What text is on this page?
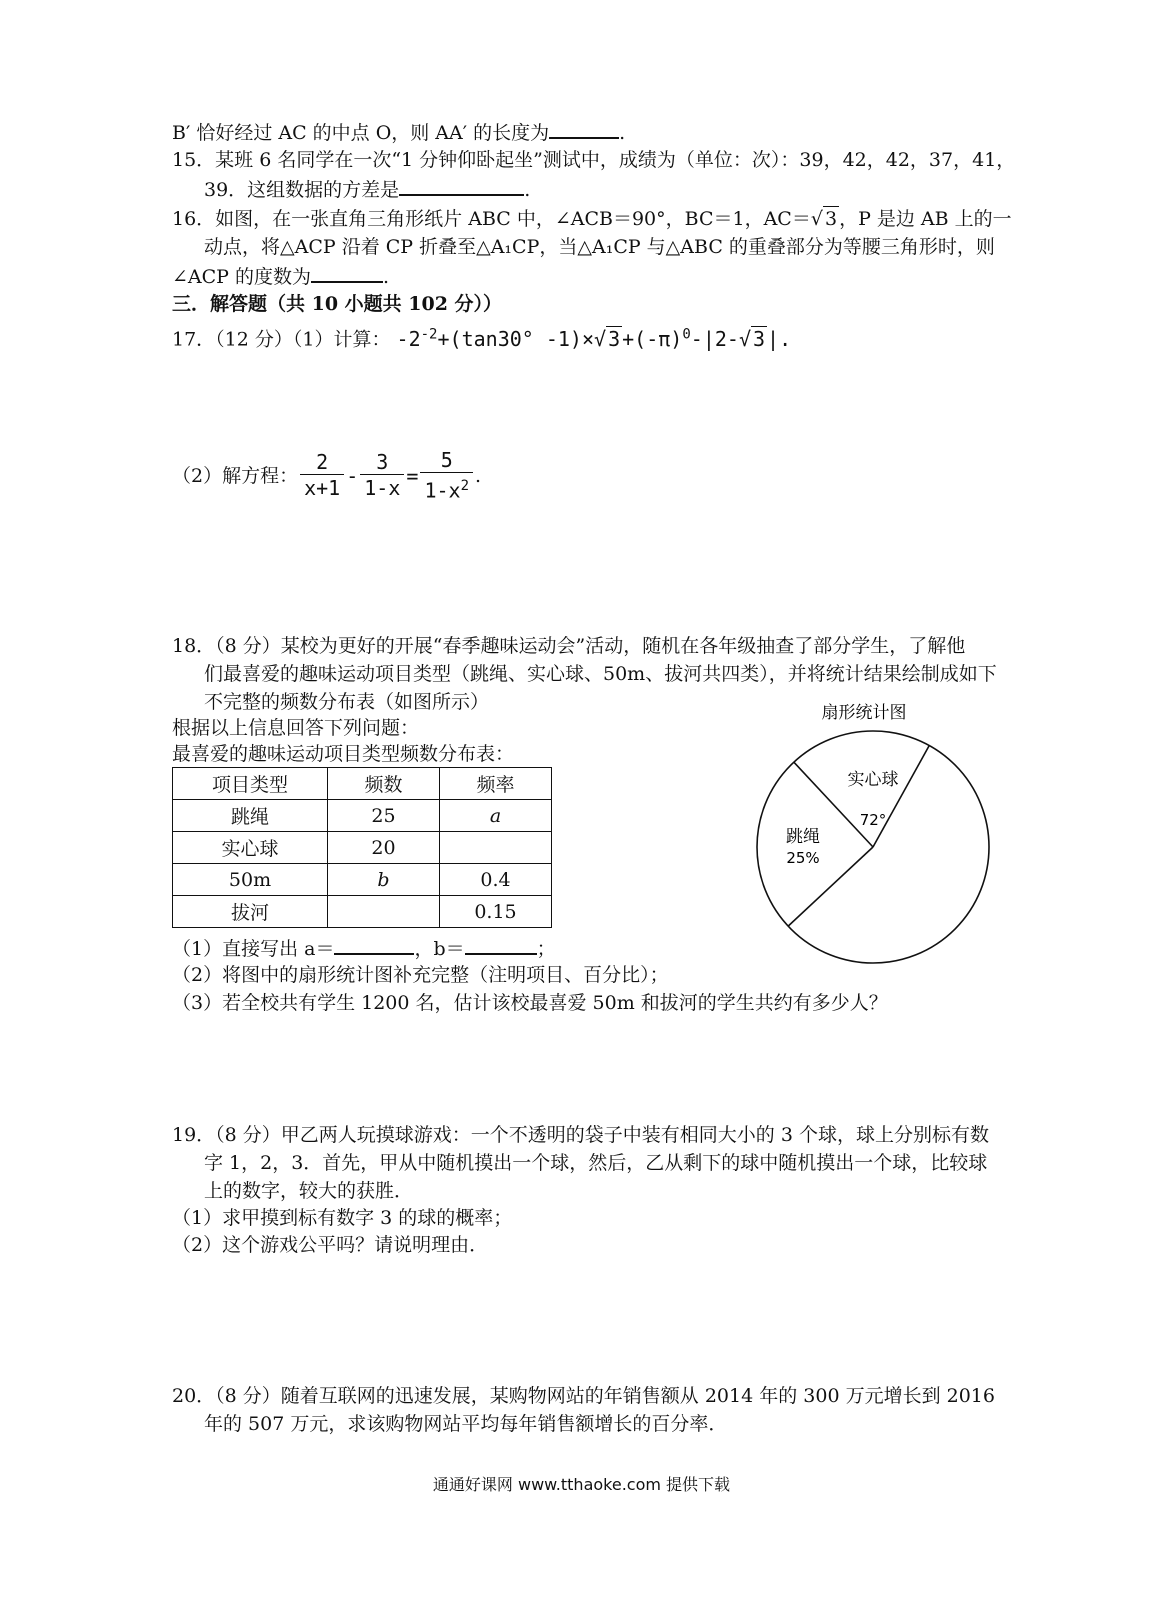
B′ 恰好经过 AC 的中点 O，则 AA′ 的长度为	.
15．某班 6 名同学在一次“1 分钟仰卧起坐”测试中，成绩为（单位：次）：39，42，42，37，41，
39．这组数据的方差是	.
16．如图，在一张直角三角形纸片 ABC 中，∠ACB＝90°，BC＝1，AC＝√ 3 ，P 是边 AB 上的一
动点，将△ACP 沿着 CP 折叠至△A₁CP，当△A₁CP 与△ABC 的重叠部分为等腰三角形时，则
∠ACP 的度数为	.
三．解答题（共 10 小题共 102 分））
17．（12 分）（1）计算： $-2^{-2}+(\tan 30^\circ$ -1)×√ $3 +(-\pi)^0-|2-√$ 3 |.
（2）解方程： $\frac{2}{x+1} - \frac{3}{1-x} = \frac{5}{1-x^2}$ .
18．（8 分）某校为更好的开展“春季趣味运动会”活动，随机在各年级抽查了部分学生，了解他
们最喜爱的趣味运动项目类型（跳绳、实心球、50m、拔河共四类），并将统计结果绘制成如下
不完整的频数分布表（如图所示）
根据以上信息回答下列问题：
最喜爱的趣味运动项目类型频数分布表：
项目类型	频数	频率
跳绳	25	a
实心球	20	
50m	b	0.4
拔河		0.15
扇形统计图
实心球
72°
跳绳
25%
（1）直接写出 a＝	，b＝	；
（2）将图中的扇形统计图补充完整（注明项目、百分比）；
（3）若全校共有学生 1200 名，估计该校最喜爱 50m 和拔河的学生共约有多少人？
19．（8 分）甲乙两人玩摸球游戏：一个不透明的袋子中装有相同大小的 3 个球，球上分别标有数
字 1，2，3．首先，甲从中随机摸出一个球，然后，乙从剩下的球中随机摸出一个球，比较球
上的数字，较大的获胜．
（1）求甲摸到标有数字 3 的球的概率；
（2）这个游戏公平吗？请说明理由．
20．（8 分）随着互联网的迅速发展，某购物网站的年销售额从 2014 年的 300 万元增长到 2016
年的 507 万元，求该购物网站平均每年销售额增长的百分率．
通通好课网 www.tthaoke.com 提供下载
